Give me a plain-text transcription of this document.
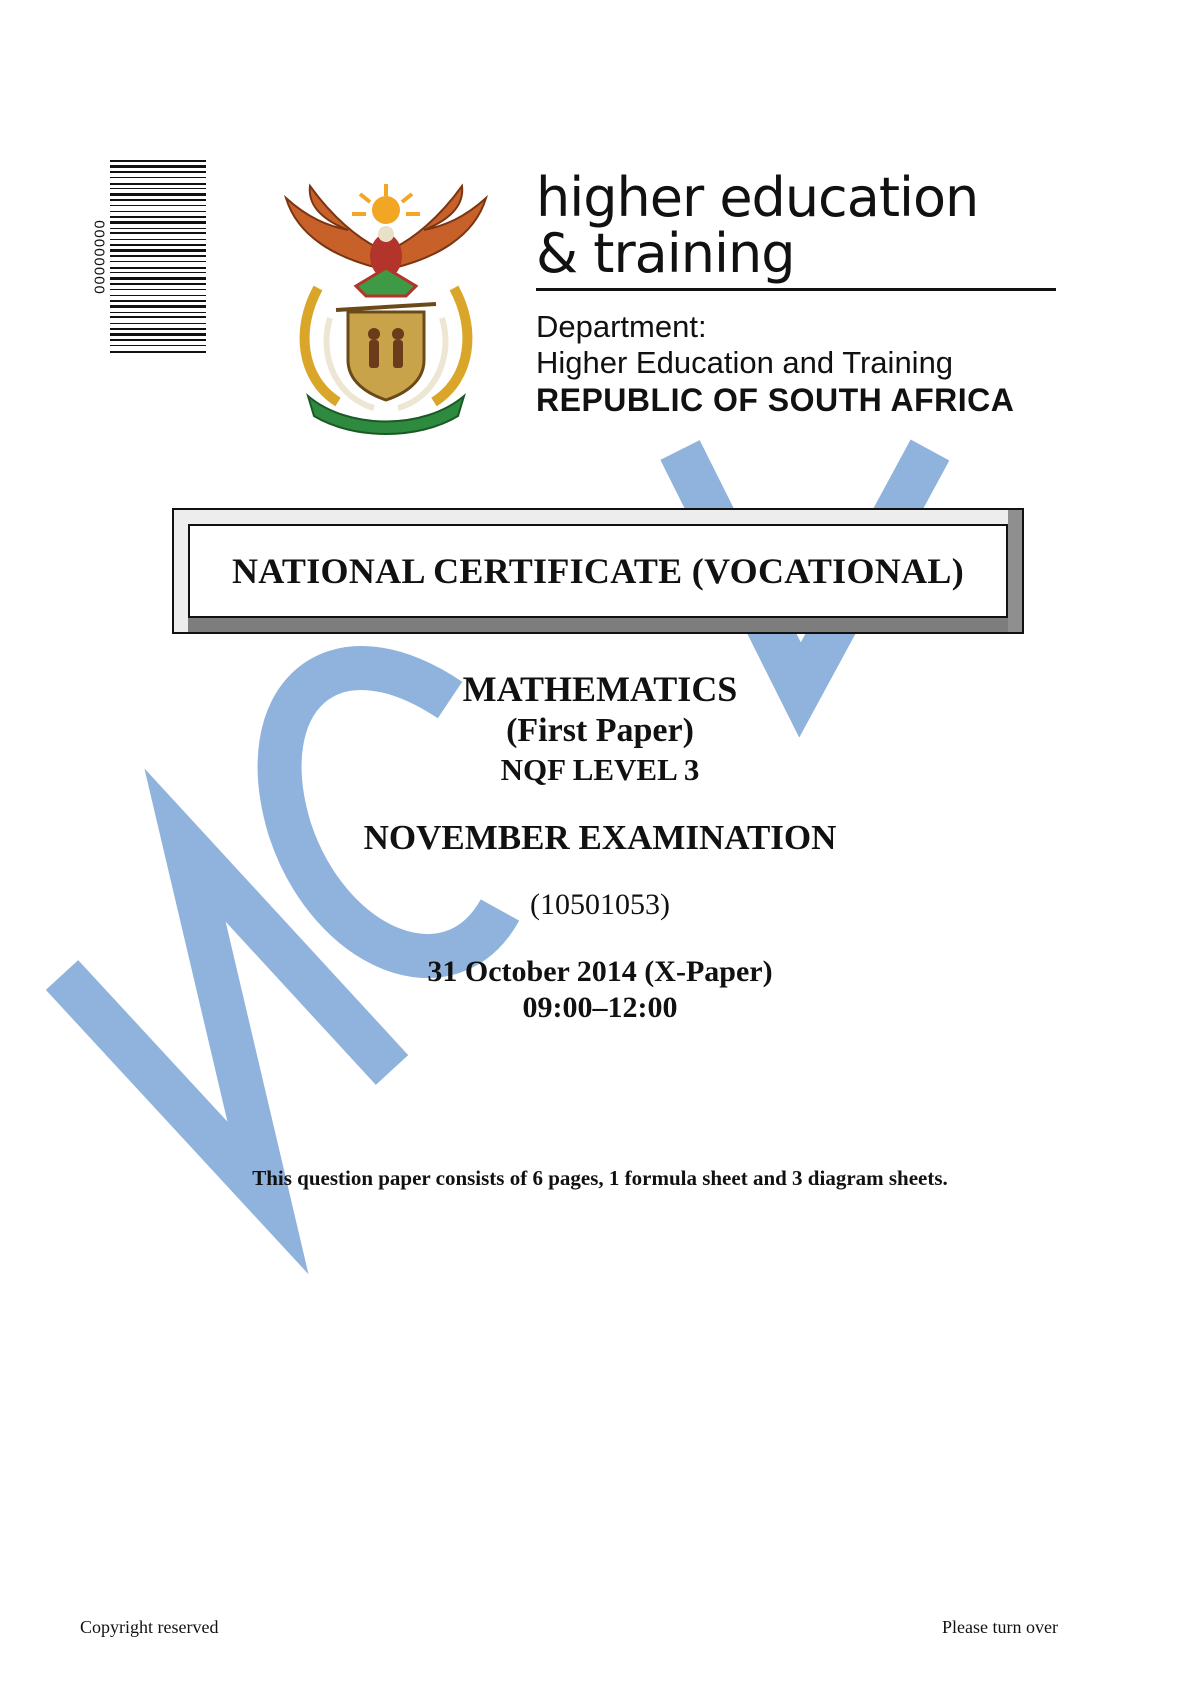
00000000
higher education
& training
Department:
Higher Education and Training
REPUBLIC OF SOUTH AFRICA
NATIONAL CERTIFICATE (VOCATIONAL)
MATHEMATICS
(First Paper)
NQF LEVEL 3
NOVEMBER EXAMINATION
(10501053)
31 October 2014 (X-Paper)
09:00–12:00
This question paper consists of 6 pages, 1 formula sheet and 3 diagram sheets.
Copyright reserved	Please turn over
